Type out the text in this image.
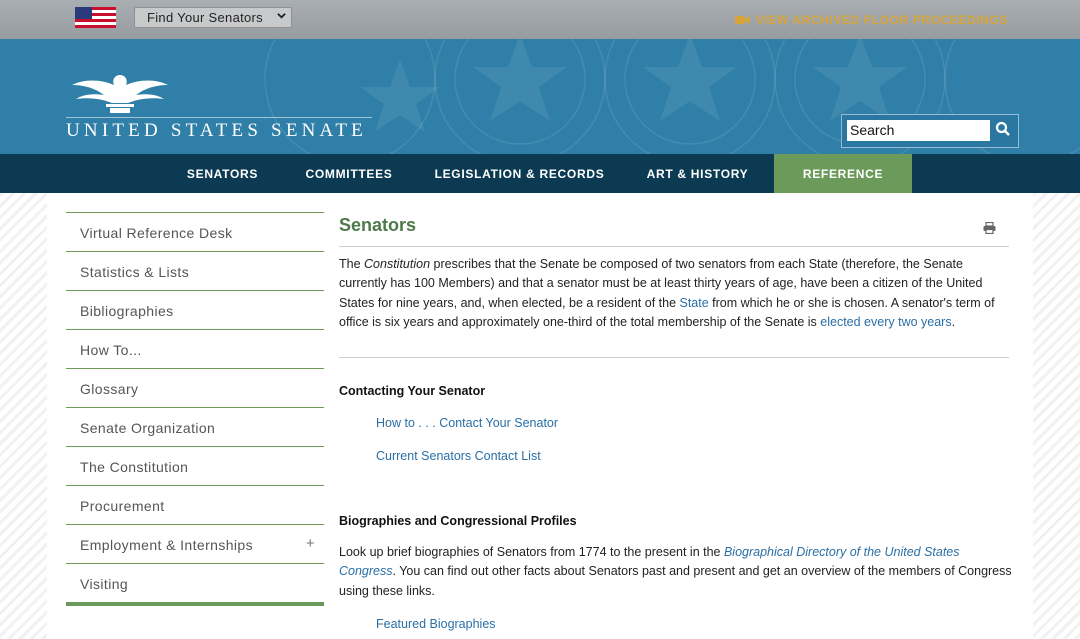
Find Your Senators	VIEW ARCHIVED FLOOR PROCEEDINGS
UNITED STATES SENATE	Search
SENATORS	COMMITTEES	LEGISLATION & RECORDS	ART & HISTORY	REFERENCE
Virtual Reference Desk
Statistics & Lists
Bibliographies
How To...
Glossary
Senate Organization
The Constitution
Procurement
Employment & Internships	+
Visiting
Senators
The Constitution prescribes that the Senate be composed of two senators from each State (therefore, the Senate currently has 100 Members) and that a senator must be at least thirty years of age, have been a citizen of the United States for nine years, and, when elected, be a resident of the State from which he or she is chosen. A senator's term of office is six years and approximately one-third of the total membership of the Senate is elected every two years.
Contacting Your Senator
How to . . . Contact Your Senator
Current Senators Contact List
Biographies and Congressional Profiles
Look up brief biographies of Senators from 1774 to the present in the Biographical Directory of the United States Congress. You can find out other facts about Senators past and present and get an overview of the members of Congress using these links.
Featured Biographies
